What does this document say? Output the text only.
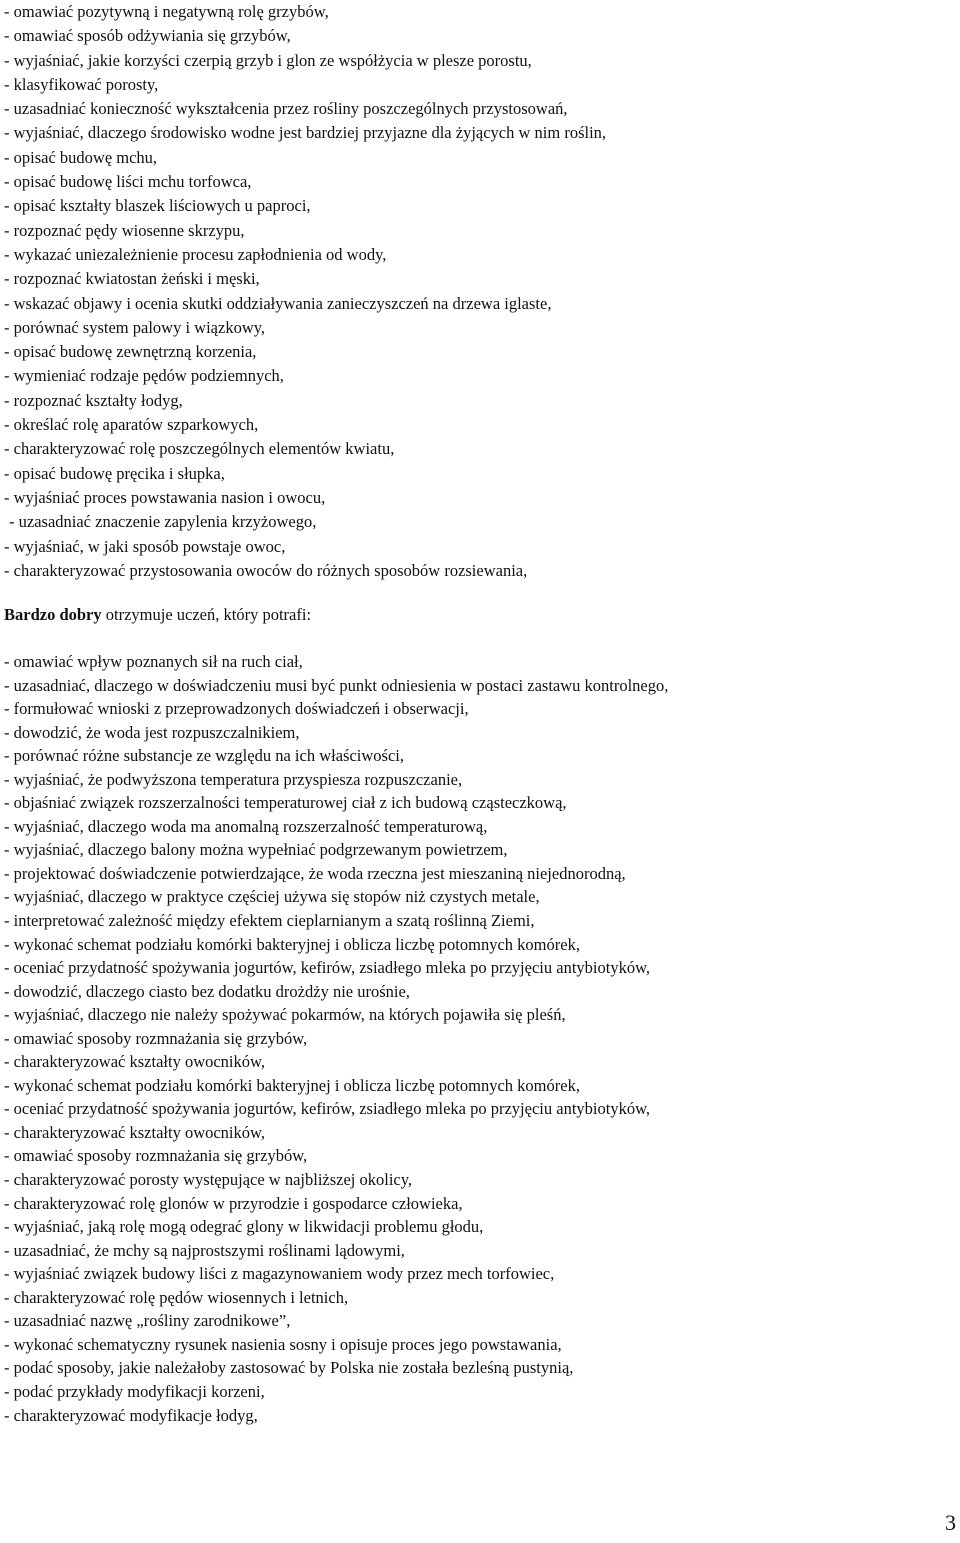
- omawiać pozytywną i negatywną rolę grzybów,
- omawiać sposób odżywiania się grzybów,
- wyjaśniać, jakie korzyści czerpią grzyb i glon ze współżycia w plesze porostu,
- klasyfikować porosty,
- uzasadniać konieczność wykształcenia przez rośliny poszczególnych przystosowań,
- wyjaśniać, dlaczego środowisko wodne jest bardziej przyjazne dla żyjących w nim roślin,
- opisać budowę mchu,
- opisać budowę liści mchu torfowca,
- opisać kształty blaszek liściowych u paproci,
- rozpoznać pędy wiosenne skrzypu,
- wykazać uniezależnienie procesu zapłodnienia od wody,
- rozpoznać kwiatostan żeński i męski,
- wskazać objawy i ocenia skutki oddziaływania zanieczyszczeń na drzewa iglaste,
- porównać system palowy i wiązkowy,
- opisać budowę zewnętrzną korzenia,
- wymieniać rodzaje pędów podziemnych,
- rozpoznać kształty łodyg,
- określać rolę aparatów szparkowych,
- charakteryzować rolę poszczególnych elementów kwiatu,
- opisać budowę pręcika i słupka,
- wyjaśniać proces powstawania nasion i owocu,
- uzasadniać znaczenie zapylenia krzyżowego,
- wyjaśniać, w jaki sposób powstaje owoc,
- charakteryzować przystosowania owoców do różnych sposobów rozsiewania,
Bardzo dobry otrzymuje uczeń, który potrafi:
- omawiać wpływ poznanych sił na ruch ciał,
- uzasadniać, dlaczego w doświadczeniu musi być punkt odniesienia w postaci zastawu kontrolnego,
- formułować wnioski z przeprowadzonych doświadczeń i obserwacji,
- dowodzić, że woda jest rozpuszczalnikiem,
- porównać różne substancje ze względu na ich właściwości,
- wyjaśniać, że podwyższona temperatura przyspiesza rozpuszczanie,
- objaśniać związek rozszerzalności temperaturowej ciał z ich budową cząsteczkową,
- wyjaśniać, dlaczego woda ma anomalną rozszerzalność temperaturową,
- wyjaśniać, dlaczego balony można wypełniać podgrzewanym powietrzem,
- projektować doświadczenie potwierdzające, że woda rzeczna jest mieszaniną niejednorodną,
- wyjaśniać, dlaczego w praktyce częściej używa się stopów niż czystych metale,
- interpretować zależność między efektem cieplarnianym a szatą roślinną Ziemi,
- wykonać schemat podziału komórki bakteryjnej i oblicza liczbę potomnych komórek,
- oceniać przydatność spożywania jogurtów, kefirów, zsiadłego mleka po przyjęciu antybiotyków,
- dowodzić, dlaczego ciasto bez dodatku drożdży nie urośnie,
- wyjaśniać, dlaczego nie należy spożywać pokarmów, na których pojawiła się pleśń,
- omawiać sposoby rozmnażania się grzybów,
- charakteryzować kształty owocników,
- wykonać schemat podziału komórki bakteryjnej i oblicza liczbę potomnych komórek,
- oceniać przydatność spożywania jogurtów, kefirów, zsiadłego mleka po przyjęciu antybiotyków,
- charakteryzować kształty owocników,
- omawiać sposoby rozmnażania się grzybów,
- charakteryzować porosty występujące w najbliższej okolicy,
- charakteryzować rolę glonów w przyrodzie i gospodarce człowieka,
- wyjaśniać, jaką rolę mogą odegrać glony w likwidacji problemu głodu,
- uzasadniać, że mchy są najprostszymi roślinami lądowymi,
- wyjaśniać związek budowy liści z magazynowaniem wody przez mech torfowiec,
- charakteryzować rolę pędów wiosennych i letnich,
- uzasadniać nazwę „rośliny zarodnikowe”,
- wykonać schematyczny rysunek nasienia sosny i opisuje proces jego powstawania,
- podać sposoby, jakie należałoby zastosować by Polska nie została bezleśną pustynią,
- podać przykłady modyfikacji korzeni,
- charakteryzować modyfikacje łodyg,
3
